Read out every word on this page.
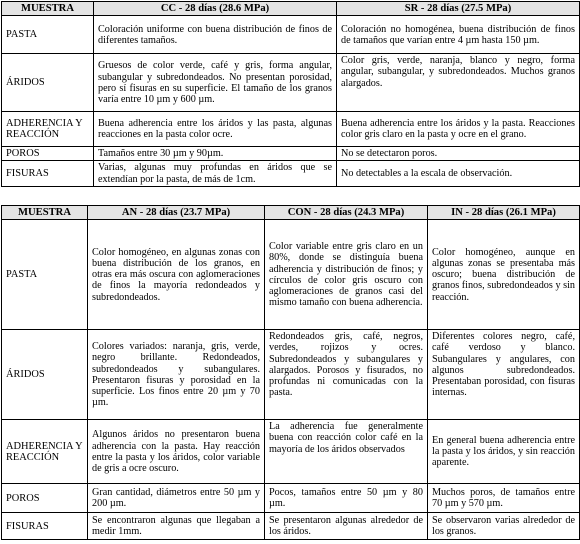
MUESTRA	CC - 28 días (28.6 MPa)	SR - 28 días (27.5 MPa)
PASTA	Coloración uniforme con buena distribución de finos de diferentes tamaños.	Coloración no homogénea, buena distribución de finos de tamaños que varían entre 4 µm hasta 150 µm.
ÁRIDOS	Gruesos de color verde, café y gris, forma angular, subangular y subredondeados. No presentan porosidad, pero sí fisuras en su superficie. El tamaño de los granos varía entre 10 µm y 600 µm.	Color gris, verde, naranja, blanco y negro, forma angular, subangular, y subredondeados. Muchos granos alargados.
ADHERENCIA Y REACCIÓN	Buena adherencia entre los áridos y las pasta, algunas reacciones en la pasta color ocre.	Buena adherencia entre los áridos y la pasta. Reacciones color gris claro en la pasta y ocre en el grano.
POROS	Tamaños entre 30 µm y 90µm.	No se detectaron poros.
FISURAS	Varias, algunas muy profundas en áridos que se extendían por la pasta, de más de 1cm.	No detectables a la escala de observación.
MUESTRA	AN - 28 días (23.7 MPa)	CON - 28 días (24.3 MPa)	IN - 28 días (26.1 MPa)
PASTA	Color homogéneo, en algunas zonas con buena distribución de los granos, en otras era más oscura con aglomeraciones de finos la mayoría redondeados y subredondeados.	Color variable entre gris claro en un 80%, donde se distinguía buena adherencia y distribución de finos; y círculos de color gris oscuro con aglomeraciones de granos casi del mismo tamaño con buena adherencia.	Color homogéneo, aunque en algunas zonas se presentaba más oscuro; buena distribución de granos finos, subredondeados y sin reacción.
ÁRIDOS	Colores variados: naranja, gris, verde, negro brillante. Redondeados, subredondeados y subangulares. Presentaron fisuras y porosidad en la superficie. Los finos entre 20 µm y 70 µm.	Redondeados gris, café, negros, verdes, rojizos y ocres. Subredondeados y subangulares y alargados. Porosos y fisurados, no profundas ni comunicadas con la pasta.	Diferentes colores negro, café, café verdoso y blanco. Subangulares y angulares, con algunos subredondeados. Presentaban porosidad, con fisuras internas.
ADHERENCIA Y REACCIÓN	Algunos áridos no presentaron buena adherencia con la pasta. Hay reacción entre la pasta y los áridos, color variable de gris a ocre oscuro.	La adherencia fue generalmente buena con reacción color café en la mayoría de los áridos observados	En general buena adherencia entre la pasta y los áridos, y sin reacción aparente.
POROS	Gran cantidad, diámetros entre 50 µm y 200 µm.	Pocos, tamaños entre 50 µm y 80 µm.	Muchos poros, de tamaños entre 70 µm y 570 µm.
FISURAS	Se encontraron algunas que llegaban a medir 1mm.	Se presentaron algunas alrededor de los áridos.	Se observaron varias alrededor de los granos.
